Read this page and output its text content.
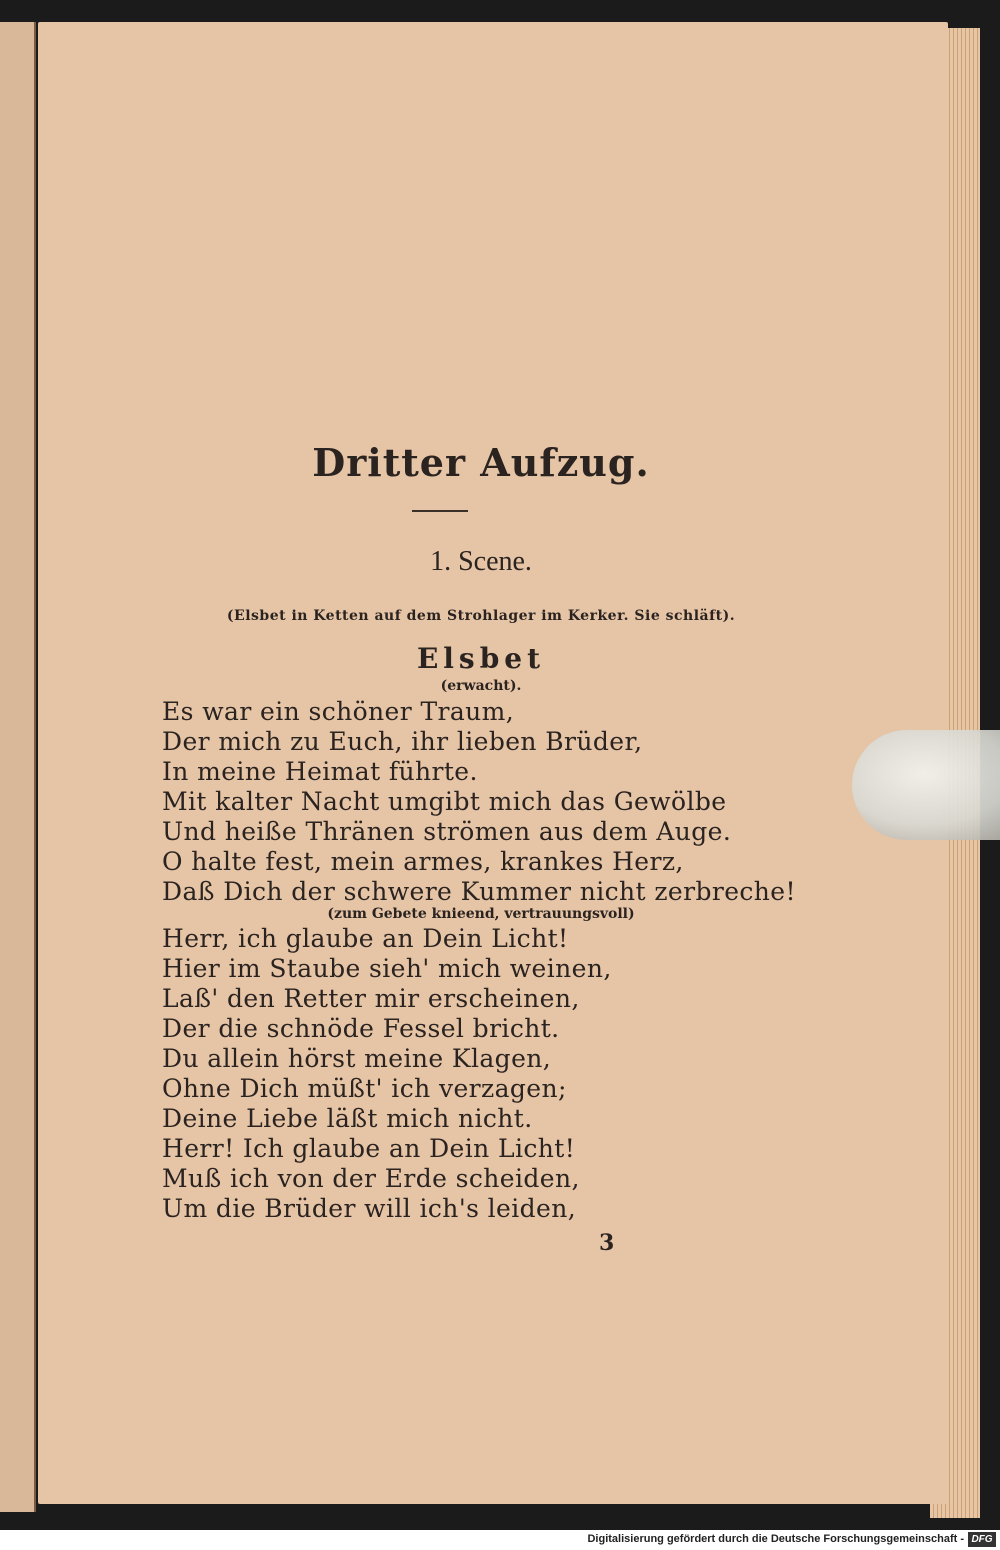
Dritter Aufzug.
1. Scene.
(Elsbet in Ketten auf dem Strohlager im Kerker. Sie schläft).
Elsbet
(erwacht).
Es war ein schöner Traum,
Der mich zu Euch, ihr lieben Brüder,
In meine Heimat führte.
Mit kalter Nacht umgibt mich das Gewölbe
Und heiße Thränen strömen aus dem Auge.
O halte fest, mein armes, krankes Herz,
Daß Dich der schwere Kummer nicht zerbreche!
(zum Gebete knieend, vertrauungsvoll)
Herr, ich glaube an Dein Licht!
Hier im Staube sieh' mich weinen,
Laß' den Retter mir erscheinen,
Der die schnöde Fessel bricht.
Du allein hörst meine Klagen,
Ohne Dich müßt' ich verzagen;
Deine Liebe läßt mich nicht.
Herr! Ich glaube an Dein Licht!
Muß ich von der Erde scheiden,
Um die Brüder will ich's leiden,
3
Digitalisierung gefördert durch die Deutsche Forschungsgemeinschaft - DFG
